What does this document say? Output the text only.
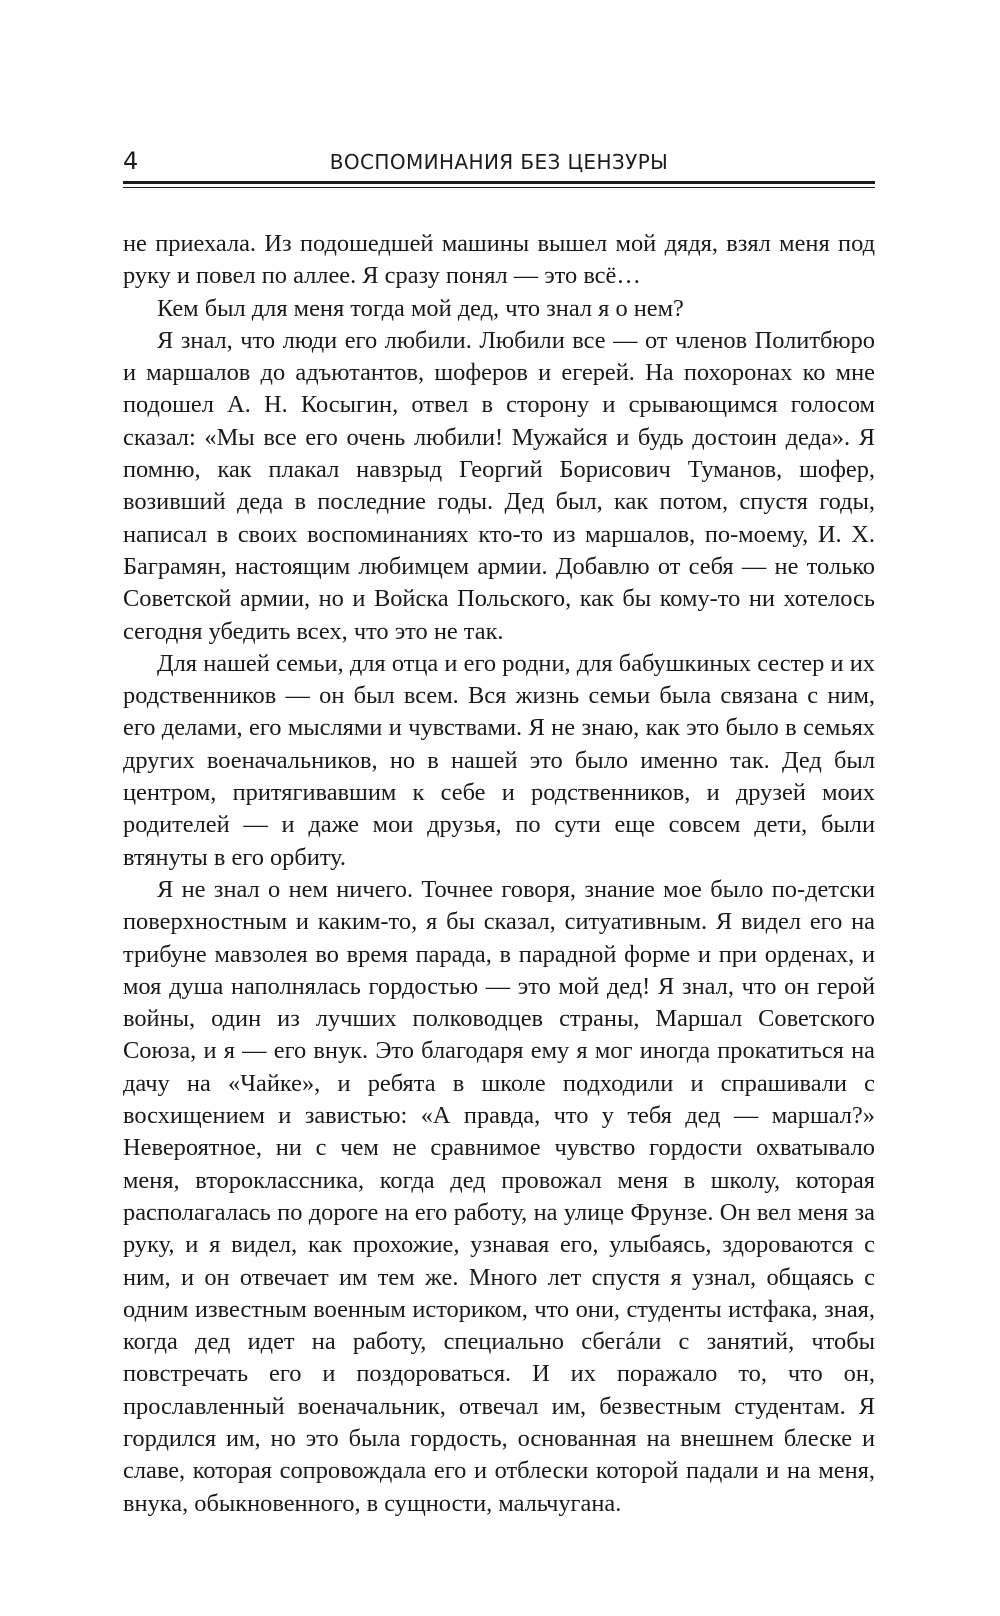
4	ВОСПОМИНАНИЯ БЕЗ ЦЕНЗУРЫ

не приехала. Из подошедшей машины вышел мой дядя, взял меня под руку и повел по аллее. Я сразу понял — это всё…

Кем был для меня тогда мой дед, что знал я о нем?

Я знал, что люди его любили. Любили все — от членов Политбюро и маршалов до адъютантов, шоферов и егерей. На похоронах ко мне подошел А. Н. Косыгин, отвел в сторону и срывающимся голосом сказал: «Мы все его очень любили! Мужайся и будь достоин деда». Я помню, как плакал навзрыд Георгий Борисович Туманов, шофер, возивший деда в последние годы. Дед был, как потом, спустя годы, написал в своих воспоминаниях кто-то из маршалов, по-моему, И. Х. Баграмян, настоящим любимцем армии. Добавлю от себя — не только Советской армии, но и Войска Польского, как бы кому-то ни хотелось сегодня убедить всех, что это не так.

Для нашей семьи, для отца и его родни, для бабушкиных сестер и их родственников — он был всем. Вся жизнь семьи была связана с ним, его делами, его мыслями и чувствами. Я не знаю, как это было в семьях других военачальников, но в нашей это было именно так. Дед был центром, притягивавшим к себе и родственников, и друзей моих родителей — и даже мои друзья, по сути еще совсем дети, были втянуты в его орбиту.

Я не знал о нем ничего. Точнее говоря, знание мое было по-детски поверхностным и каким-то, я бы сказал, ситуативным. Я видел его на трибуне мавзолея во время парада, в парадной форме и при орденах, и моя душа наполнялась гордостью — это мой дед! Я знал, что он герой войны, один из лучших полководцев страны, Маршал Советского Союза, и я — его внук. Это благодаря ему я мог иногда прокатиться на дачу на «Чайке», и ребята в школе подходили и спрашивали с восхищением и завистью: «А правда, что у тебя дед — маршал?» Невероятное, ни с чем не сравнимое чувство гордости охватывало меня, второклассника, когда дед провожал меня в школу, которая располагалась по дороге на его работу, на улице Фрунзе. Он вел меня за руку, и я видел, как прохожие, узнавая его, улыбаясь, здороваются с ним, и он отвечает им тем же. Много лет спустя я узнал, общаясь с одним известным военным историком, что они, студенты истфака, зная, когда дед идет на работу, специально сбегáли с занятий, чтобы повстречать его и поздороваться. И их поражало то, что он, прославленный военачальник, отвечал им, безвестным студентам. Я гордился им, но это была гордость, основанная на внешнем блеске и славе, которая сопровождала его и отблески которой падали и на меня, внука, обыкновенного, в сущности, мальчугана.
